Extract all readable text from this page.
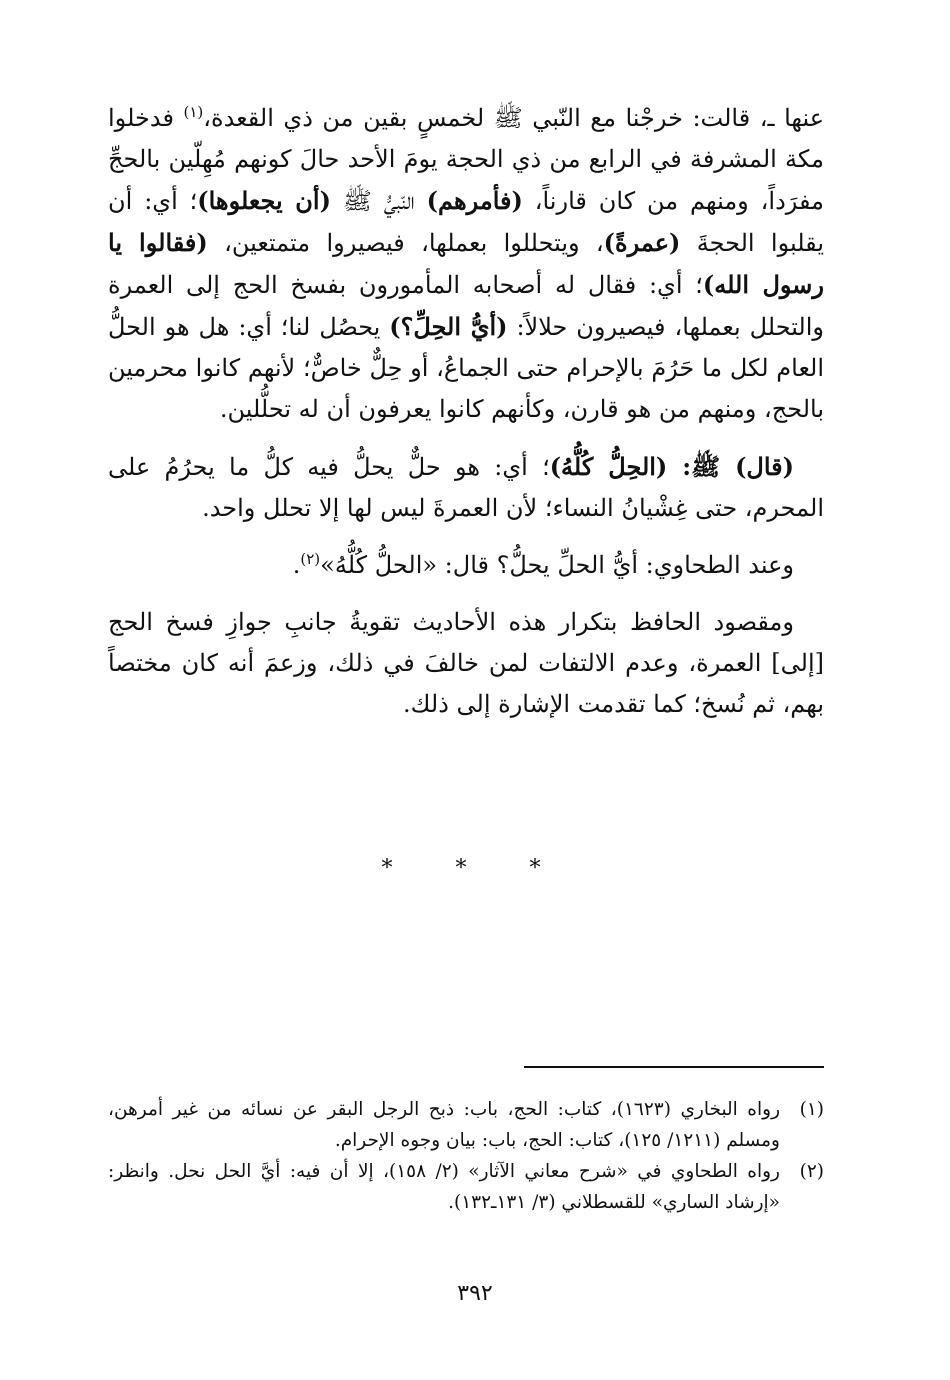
عنها ـ، قالت: خرجْنا مع النّبي ﷺ لخمسٍ بقين من ذي القعدة،$^{(١)}$ فدخلوا مكة المشرفة في الرابع من ذي الحجة يومَ الأحد حالَ كونهم مُهِلّين بالحجِّ مفرَداً، ومنهم من كان قارناً، (فأمرهم) النّبيُّ ﷺ (أن يجعلوها)؛ أي: أن يقلبوا الحجةَ (عمرةً)، ويتحللوا بعملها، فيصيروا متمتعين، (فقالوا يا رسول الله)؛ أي: فقال له أصحابه المأمورون بفسخ الحج إلى العمرة والتحلل بعملها، فيصيرون حلالاً: (أيُّ الحِلِّ؟) يحصُل لنا؛ أي: هل هو الحلُّ العام لكل ما حَرُمَ بالإحرام حتى الجماعُ، أو حِلٌّ خاصٌّ؛ لأنهم كانوا محرمين بالحج، ومنهم من هو قارن، وكأنهم كانوا يعرفون أن له تحلُّلين.

(قال) ﷺ: (الحِلُّ كُلُّهُ)؛ أي: هو حلٌّ يحلُّ فيه كلُّ ما يحرُمُ على المحرم، حتى غِشْيانُ النساء؛ لأن العمرةَ ليس لها إلا تحلل واحد.

وعند الطحاوي: أيُّ الحلِّ يحلُّ؟ قال: «الحلُّ كُلُّهُ»$^{(٢)}$.

ومقصود الحافظ بتكرار هذه الأحاديث تقويةُ جانبِ جوازِ فسخ الحج [إلى] العمرة، وعدم الالتفات لمن خالفَ في ذلك، وزعمَ أنه كان مختصاً بهم، ثم نُسخ؛ كما تقدمت الإشارة إلى ذلك.

* * *
(١)
رواه البخاري (١٦٢٣)، كتاب: الحج، باب: ذبح الرجل البقر عن نسائه من غير أمرهن، ومسلم (١٢١١/ ١٢٥)، كتاب: الحج، باب: بيان وجوه الإحرام.
(٢)
رواه الطحاوي في «شرح معاني الآثار» (٢/ ١٥٨)، إلا أن فيه: أيَّ الحل نحل. وانظر: «إرشاد الساري» للقسطلاني (٣/ ١٣١ـ١٣٢).
٣٩٢
